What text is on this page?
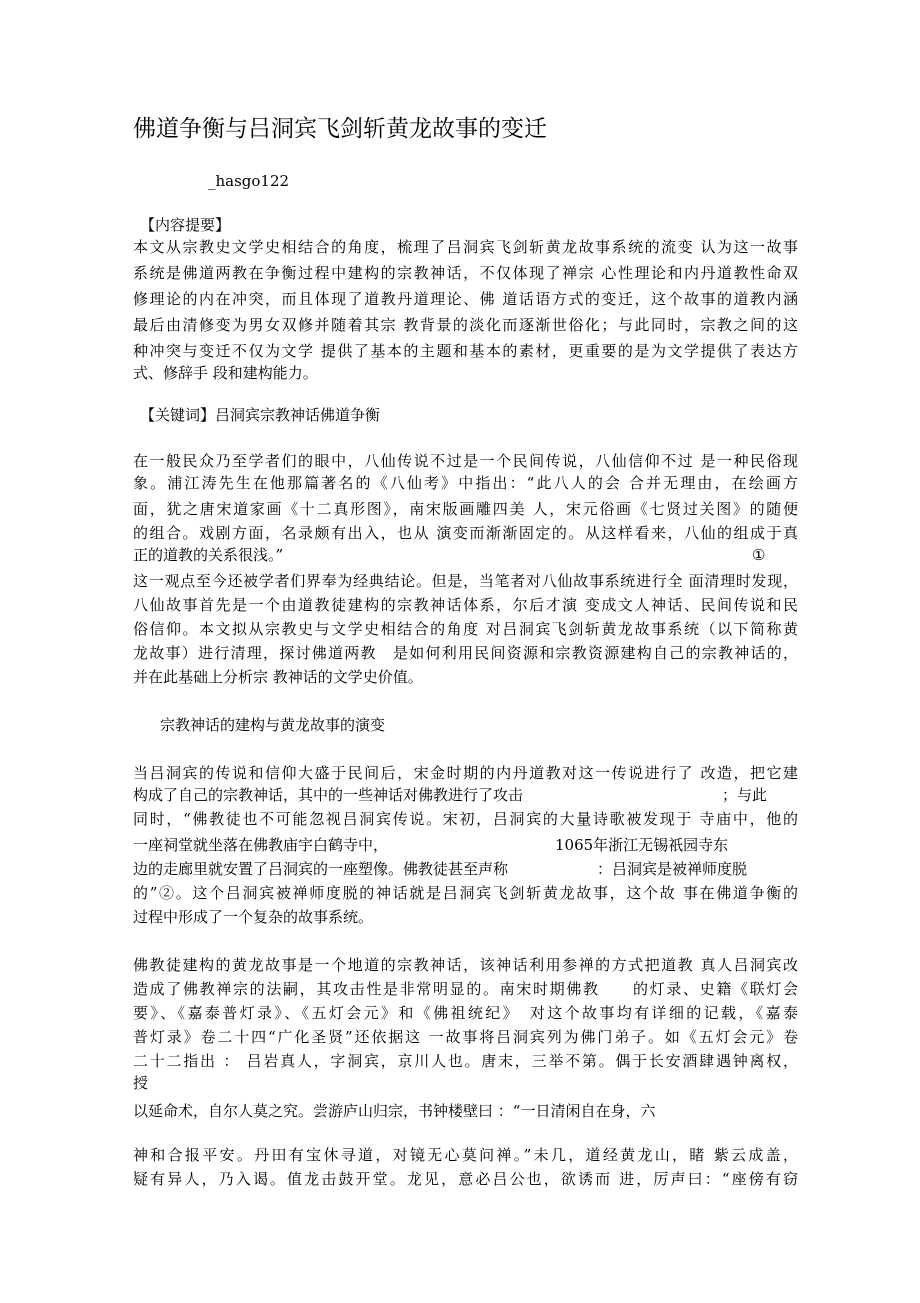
佛道争衡与吕洞宾飞剑斩黄龙故事的变迁
_hasgo122
【内容提要】
本文从宗教史文学史相结合的角度，梳理了吕洞宾飞剑斩黄龙故事系统的流变 认为这一故事
系统是佛道两教在争衡过程中建构的宗教神话，不仅体现了禅宗 心性理论和内丹道教性命双
修理论的内在冲突，而且体现了道教丹道理论、佛 道话语方式的变迁，这个故事的道教内涵
最后由清修变为男女双修并随着其宗 教背景的淡化而逐渐世俗化；与此同时，宗教之间的这
种冲突与变迁不仅为文学 提供了基本的主题和基本的素材，更重要的是为文学提供了表达方
式、修辞手 段和建构能力。
【关键词】吕洞宾宗教神话佛道争衡
在一般民众乃至学者们的眼中，八仙传说不过是一个民间传说，八仙信仰不过 是一种民俗现
象。浦江涛先生在他那篇著名的《八仙考》中指出：“此八人的会 合并无理由，在绘画方
面，犹之唐宋道家画《十二真形图》，南宋版画雕四美 人，宋元俗画《七贤过关图》的随便
的组合。戏剧方面，名录颇有出入，也从 演变而渐渐固定的。从这样看来，八仙的组成于真
正的道教的关系很浅。”	①
这一观点至今还被学者们界奉为经典结论。但是，当笔者对八仙故事系统进行全 面清理时发现，
八仙故事首先是一个由道教徒建构的宗教神话体系，尔后才演 变成文人神话、民间传说和民
俗信仰。本文拟从宗教史与文学史相结合的角度 对吕洞宾飞剑斩黄龙故事系统（以下简称黄
龙故事）进行清理，探讨佛道两教　是如何利用民间资源和宗教资源建构自己的宗教神话的，
并在此基础上分析宗 教神话的文学史价值。
宗教神话的建构与黄龙故事的演变
当吕洞宾的传说和信仰大盛于民间后，宋金时期的内丹道教对这一传说进行了 改造，把它建
构成了自己的宗教神话，其中的一些神话对佛教进行了攻击	；与此
同时，“佛教徒也不可能忽视吕洞宾传说。宋初，吕洞宾的大量诗歌被发现于 寺庙中，他的
一座祠堂就坐落在佛教庙宇白鹤寺中，	1065年浙江无锡祇园寺东
边的走廊里就安置了吕洞宾的一座塑像。佛教徒甚至声称	：吕洞宾是被禅师度脱
的”②。这个吕洞宾被禅师度脱的神话就是吕洞宾飞剑斩黄龙故事，这个故 事在佛道争衡的
过程中形成了一个复杂的故事系统。
佛教徒建构的黄龙故事是一个地道的宗教神话，该神话利用参禅的方式把道教 真人吕洞宾改
造成了佛教禅宗的法嗣，其攻击性是非常明显的。南宋时期佛教　　的灯录、史籍《联灯会
要》、《嘉泰普灯录》、《五灯会元》和《佛祖统纪》　对这个故事均有详细的记载，《嘉泰
普灯录》卷二十四“广化圣贤”还依据这 一故事将吕洞宾列为佛门弟子。如《五灯会元》卷
二十二指出 ： 吕岩真人，字洞宾，京川人也。唐末，三举不第。偶于长安酒肆遇钟离权，
授
以延命术，自尔人莫之究。尝游庐山归宗，书钟楼壁曰 ：“一日清闲自在身，六
神和合报平安。丹田有宝休寻道，对镜无心莫问禅。”未几，道经黄龙山，睹 紫云成盖，
疑有异人，乃入谒。值龙击鼓开堂。龙见，意必吕公也，欲诱而 进，厉声曰：“座傍有窃
